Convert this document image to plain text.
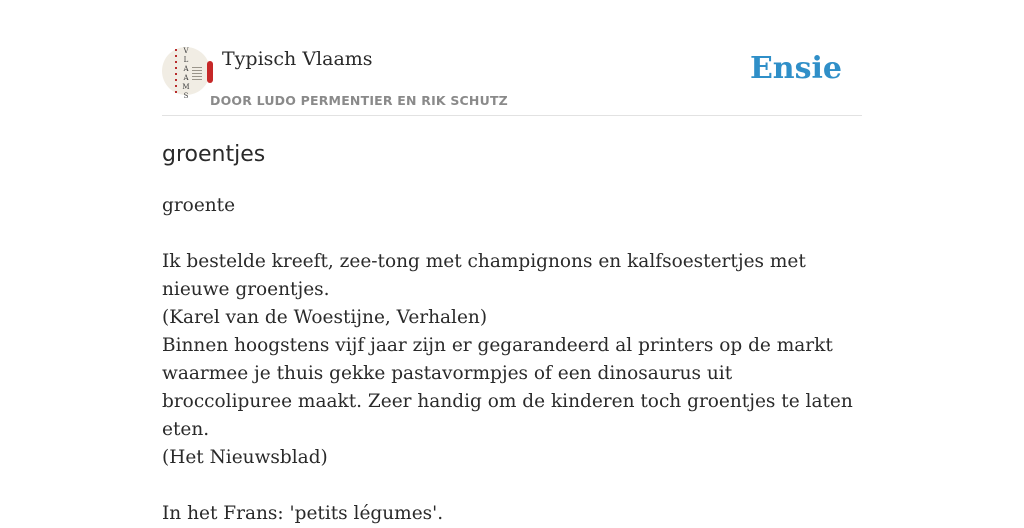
V
L
A
A
M
S
Typisch Vlaams
DOOR LUDO PERMENTIER EN RIK SCHUTZ
Ensie
groentjes

groente

Ik bestelde kreeft, zee-tong met champignons en kalfsoestertjes met nieuwe groentjes.

(Karel van de Woestijne, Verhalen)

Binnen hoogstens vijf jaar zijn er gegarandeerd al printers op de markt waarmee je thuis gekke pastavormpjes of een dinosaurus uit broccolipuree maakt. Zeer handig om de kinderen toch groentjes te laten eten.

(Het Nieuwsblad)

In het Frans: 'petits légumes'.
